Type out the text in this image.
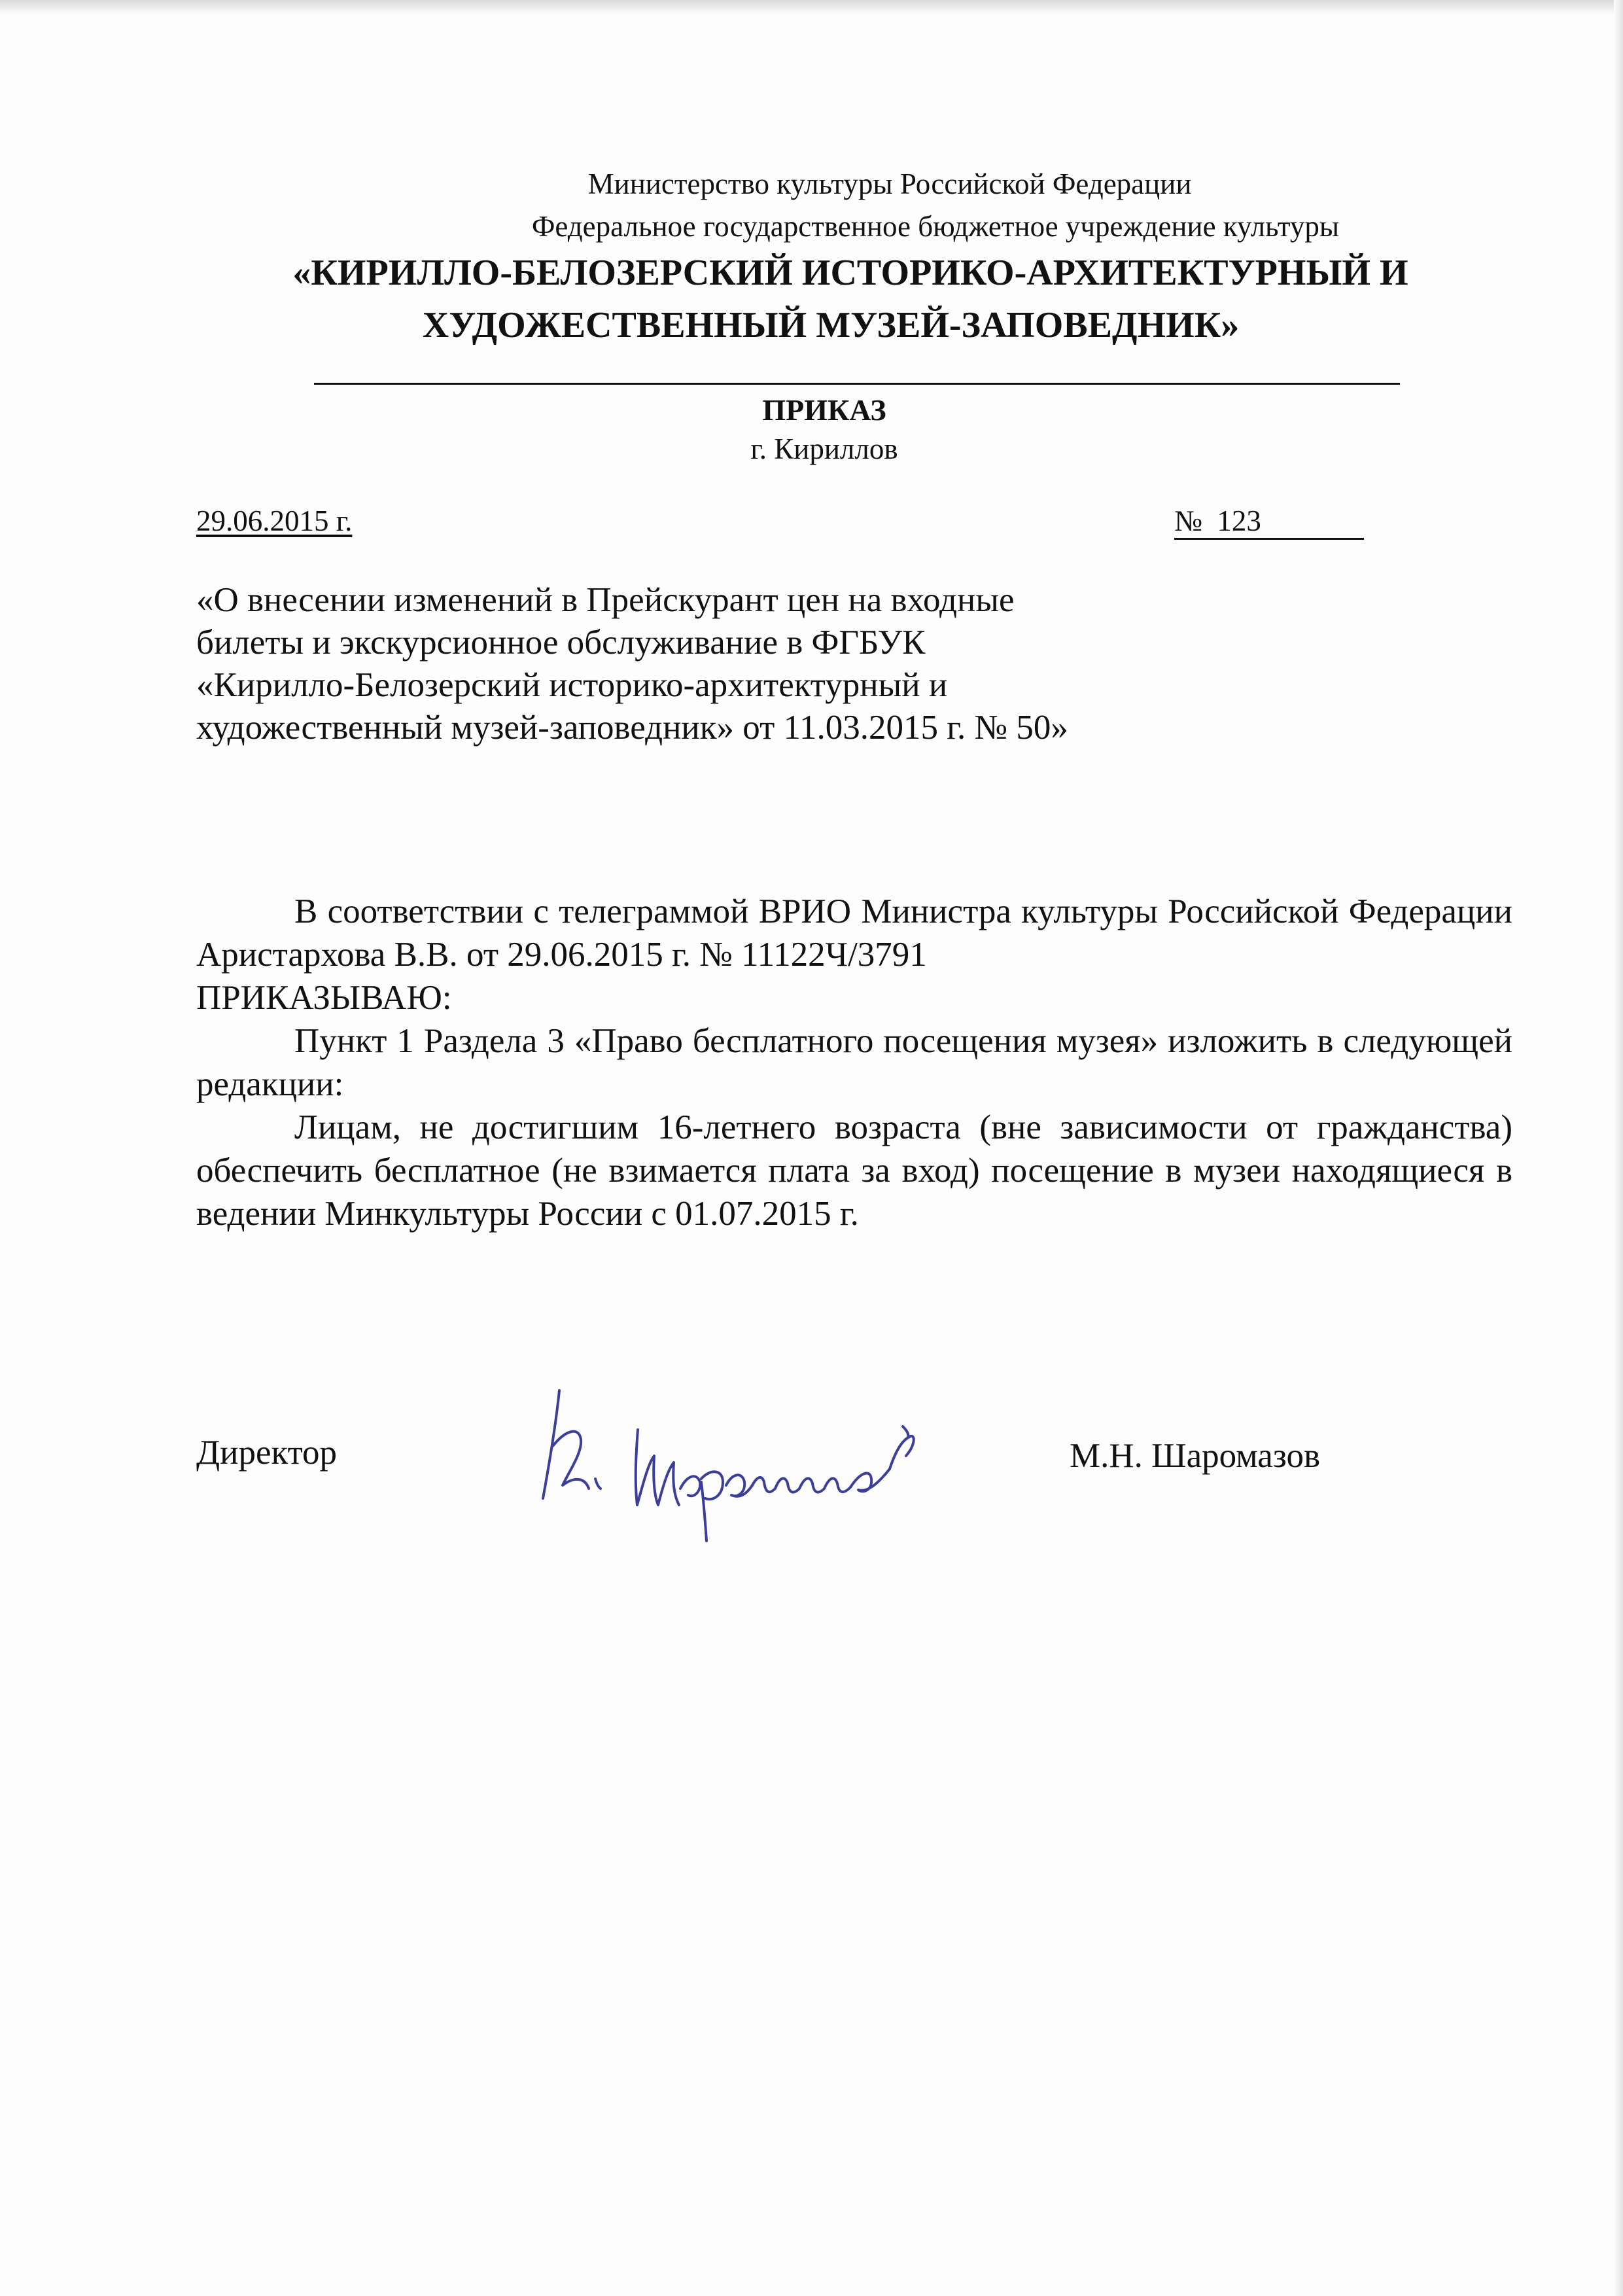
Министерство культуры Российской Федерации
Федеральное государственное бюджетное учреждение культуры
«КИРИЛЛО-БЕЛОЗЕРСКИЙ ИСТОРИКО-АРХИТЕКТУРНЫЙ И
ХУДОЖЕСТВЕННЫЙ МУЗЕЙ-ЗАПОВЕДНИК»
ПРИКАЗ
г. Кириллов
29.06.2015 г.	№  123
«О внесении изменений в Прейскурант цен на входные
билеты и экскурсионное обслуживание в ФГБУК
«Кирилло-Белозерский историко-архитектурный и
художественный музей-заповедник» от 11.03.2015 г. № 50»

В соответствии с телеграммой ВРИО Министра культуры Российской Федерации Аристархова В.В. от 29.06.2015 г. № 11122Ч/3791

ПРИКАЗЫВАЮ:

Пункт 1 Раздела 3 «Право бесплатного посещения музея» изложить в следующей редакции:

Лицам, не достигшим 16-летнего возраста (вне зависимости от гражданства) обеспечить бесплатное (не взимается плата за вход) посещение в музеи находящиеся в ведении Минкультуры России с 01.07.2015 г.

Директор	М.Н. Шаромазов
